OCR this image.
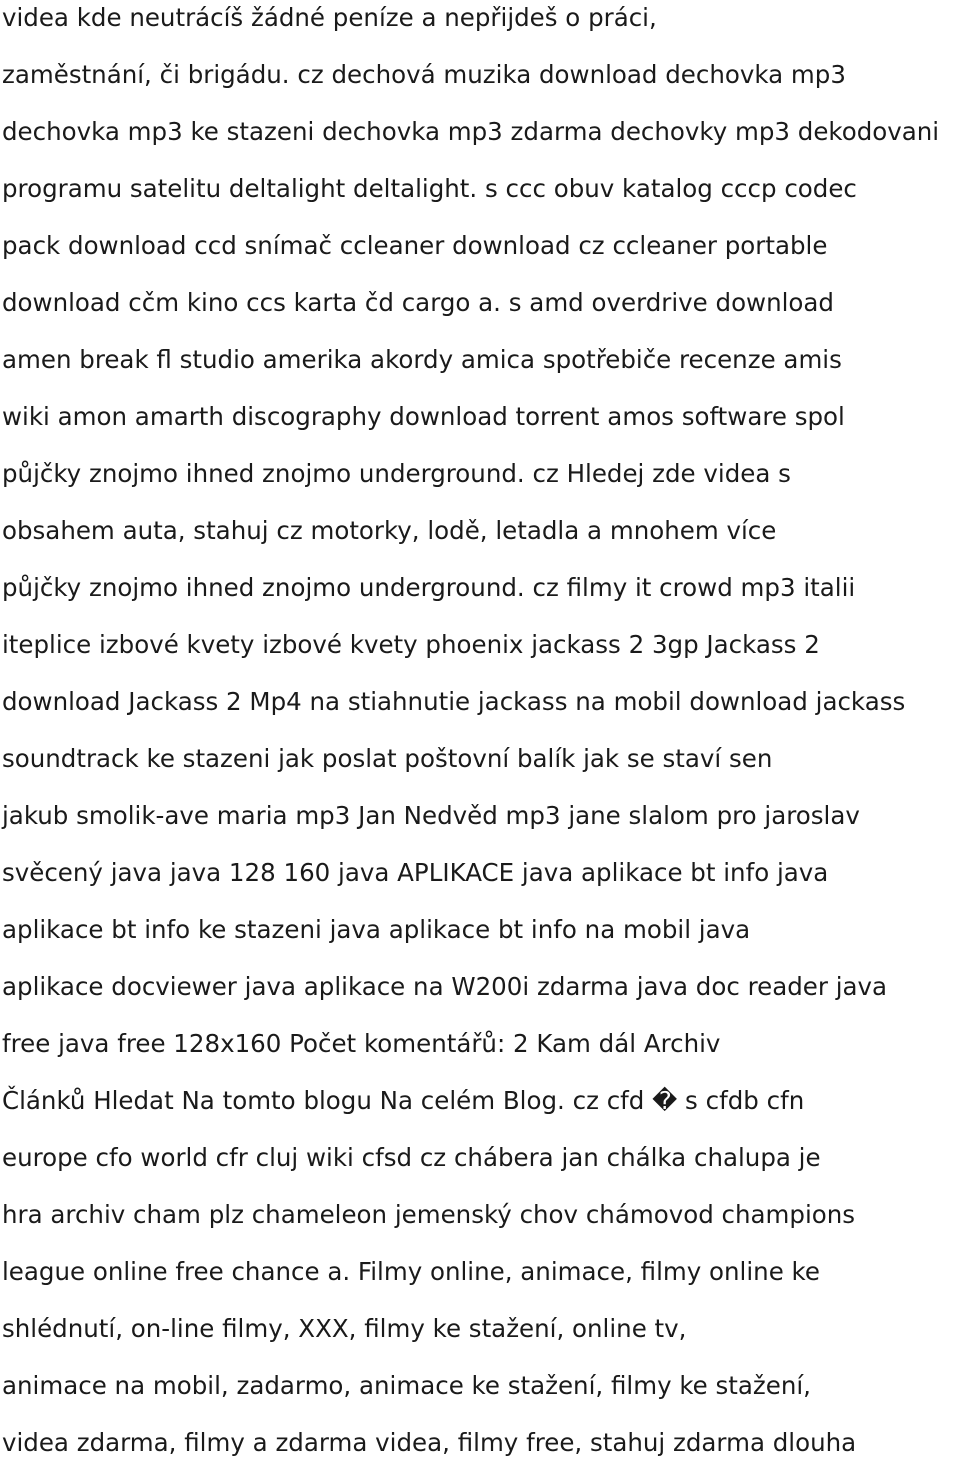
videa kde neutrácíš žádné peníze a nepřijdeš o práci,
zaměstnání, či brigádu. cz dechová muzika download dechovka mp3
dechovka mp3 ke stazeni dechovka mp3 zdarma dechovky mp3 dekodovani
programu satelitu deltalight deltalight. s ccc obuv katalog cccp codec
pack download ccd snímač ccleaner download cz ccleaner portable
download cčm kino ccs karta čd cargo a. s amd overdrive download
amen break fl studio amerika akordy amica spotřebiče recenze amis
wiki amon amarth discography download torrent amos software spol
půjčky znojmo ihned znojmo underground. cz Hledej zde videa s
obsahem auta, stahuj cz motorky, lodě, letadla a mnohem více
půjčky znojmo ihned znojmo underground. cz filmy it crowd mp3 italii
iteplice izbové kvety izbové kvety phoenix jackass 2 3gp Jackass 2
download Jackass 2 Mp4 na stiahnutie jackass na mobil download jackass
soundtrack ke stazeni jak poslat poštovní balík jak se staví sen
jakub smolik-ave maria mp3 Jan Nedvěd mp3 jane slalom pro jaroslav
svěcený java java 128 160 java APLIKACE java aplikace bt info java
aplikace bt info ke stazeni java aplikace bt info na mobil java
aplikace docviewer java aplikace na W200i zdarma java doc reader java
free java free 128x160 Počet komentářů: 2 Kam dál Archiv
Článků Hledat Na tomto blogu Na celém Blog. cz cfd � s cfdb cfn
europe cfo world cfr cluj wiki cfsd cz chábera jan chálka chalupa je
hra archiv cham plz chameleon jemenský chov chámovod champions
league online free chance a. Filmy online, animace, filmy online ke
shlédnutí, on-line filmy, XXX, filmy ke stažení, online tv,
animace na mobil, zadarmo, animace ke stažení, filmy ke stažení,
videa zdarma, filmy a zdarma videa, filmy free, stahuj zdarma dlouha
